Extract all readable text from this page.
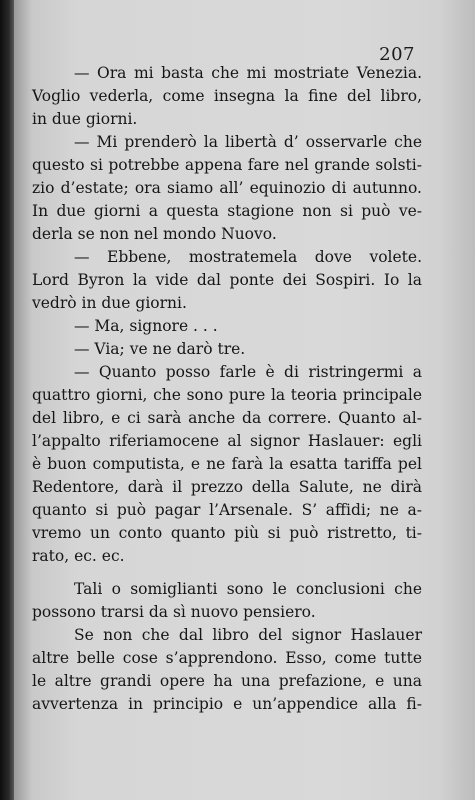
207
— Ora mi basta che mi mostriate Venezia.
Voglio vederla, come insegna la fine del libro,
in due giorni.
— Mi prenderò la libertà d’ osservarle che
questo si potrebbe appena fare nel grande solsti-
zio d’estate; ora siamo all’ equinozio di autunno.
In due giorni a questa stagione non si può ve-
derla se non nel mondo Nuovo.
— Ebbene, mostratemela dove volete.
Lord Byron la vide dal ponte dei Sospiri. Io la
vedrò in due giorni.
— Ma, signore . . .
— Via; ve ne darò tre.
— Quanto posso farle è di ristringermi a
quattro giorni, che sono pure la teoria principale
del libro, e ci sarà anche da correre. Quanto al-
l’appalto riferiamocene al signor Haslauer: egli
è buon computista, e ne farà la esatta tariffa pel
Redentore, darà il prezzo della Salute, ne dirà
quanto si può pagar l’Arsenale. S’ affidi; ne a-
vremo un conto quanto più si può ristretto, ti-
rato, ec. ec.
Tali o somiglianti sono le conclusioni che
possono trarsi da sì nuovo pensiero.
Se non che dal libro del signor Haslauer
altre belle cose s’apprendono. Esso, come tutte
le altre grandi opere ha una prefazione, e una
avvertenza in principio e un’appendice alla fi-
